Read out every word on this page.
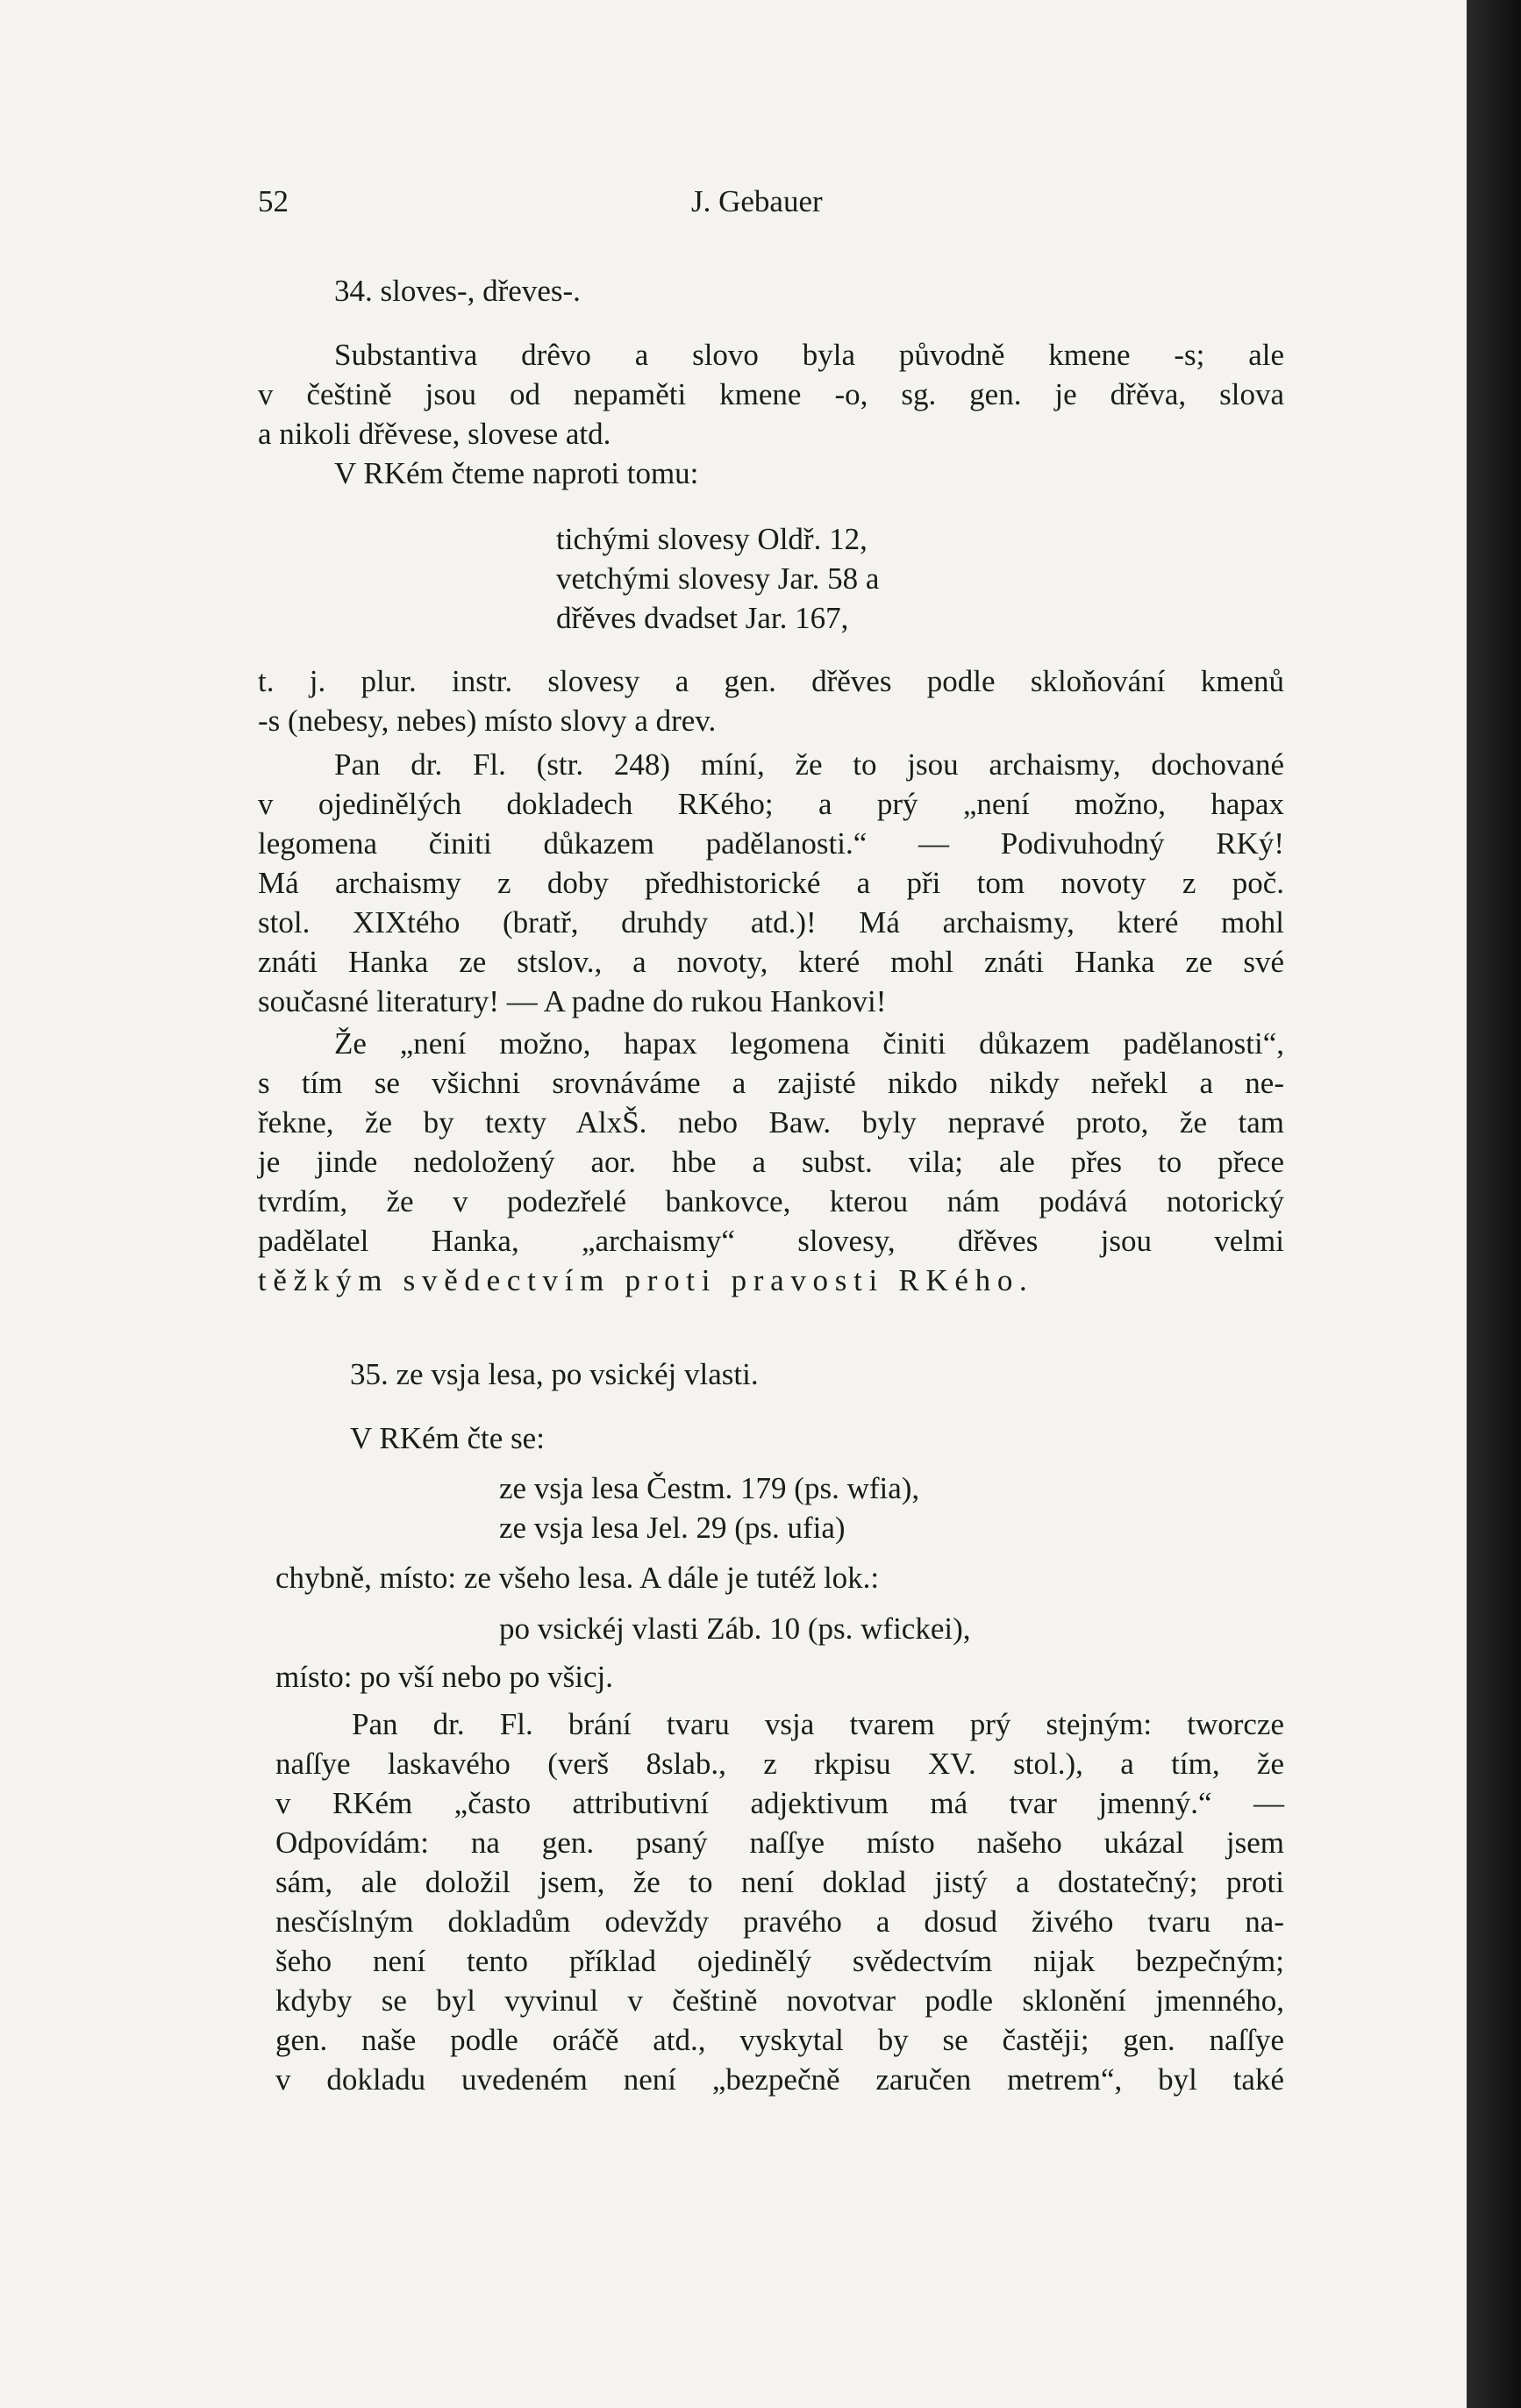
52	J. Gebauer
34. sloves-, dřeves-.
Substantiva drêvo a slovo byla původně kmene -s; ale
v češtině jsou od nepaměti kmene -o, sg. gen. je dřěva, slova
a nikoli dřěvese, slovese atd.
V RKém čteme naproti tomu:
tichými slovesy Oldř. 12,
vetchými slovesy Jar. 58 a
dřěves dvadset Jar. 167,
t. j. plur. instr. slovesy a gen. dřěves podle skloňování kmenů
-s (nebesy, nebes) místo slovy a drev.
Pan dr. Fl. (str. 248) míní, že to jsou archaismy, dochované
v ojedinělých dokladech RKého; a prý „není možno, hapax
legomena činiti důkazem padělanosti.“ — Podivuhodný RKý!
Má archaismy z doby předhistorické a při tom novoty z poč.
stol. XIXtého (bratř, druhdy atd.)! Má archaismy, které mohl
znáti Hanka ze stslov., a novoty, které mohl znáti Hanka ze své
současné literatury! — A padne do rukou Hankovi!
Že „není možno, hapax legomena činiti důkazem padělanosti“,
s tím se všichni srovnáváme a zajisté nikdo nikdy neřekl a ne-
řekne, že by texty AlxŠ. nebo Baw. byly nepravé proto, že tam
je jinde nedoložený aor. hbe a subst. vila; ale přes to přece
tvrdím, že v podezřelé bankovce, kterou nám podává notorický
padělatel Hanka, „archaismy“ slovesy, dřěves jsou velmi
těžkým svědectvím proti pravosti RKého.
35. ze vsja lesa, po vsickéj vlasti.
V RKém čte se:
ze vsja lesa Čestm. 179 (ps. wfia),
ze vsja lesa Jel. 29 (ps. ufia)
chybně, místo: ze všeho lesa. A dále je tutéž lok.:
po vsickéj vlasti Záb. 10 (ps. wfickei),
místo: po vší nebo po všicj.
Pan dr. Fl. brání tvaru vsja tvarem prý stejným: tworcze
naſſye laskavého (verš 8slab., z rkpisu XV. stol.), a tím, že
v RKém „často attributivní adjektivum má tvar jmenný.“ —
Odpovídám: na gen. psaný naſſye místo našeho ukázal jsem
sám, ale doložil jsem, že to není doklad jistý a dostatečný; proti
nesčíslným dokladům odevždy pravého a dosud živého tvaru na-
šeho není tento příklad ojedinělý svědectvím nijak bezpečným;
kdyby se byl vyvinul v češtině novotvar podle sklonění jmenného,
gen. naše podle oráčě atd., vyskytal by se častěji; gen. naſſye
v dokladu uvedeném není „bezpečně zaručen metrem“, byl také
